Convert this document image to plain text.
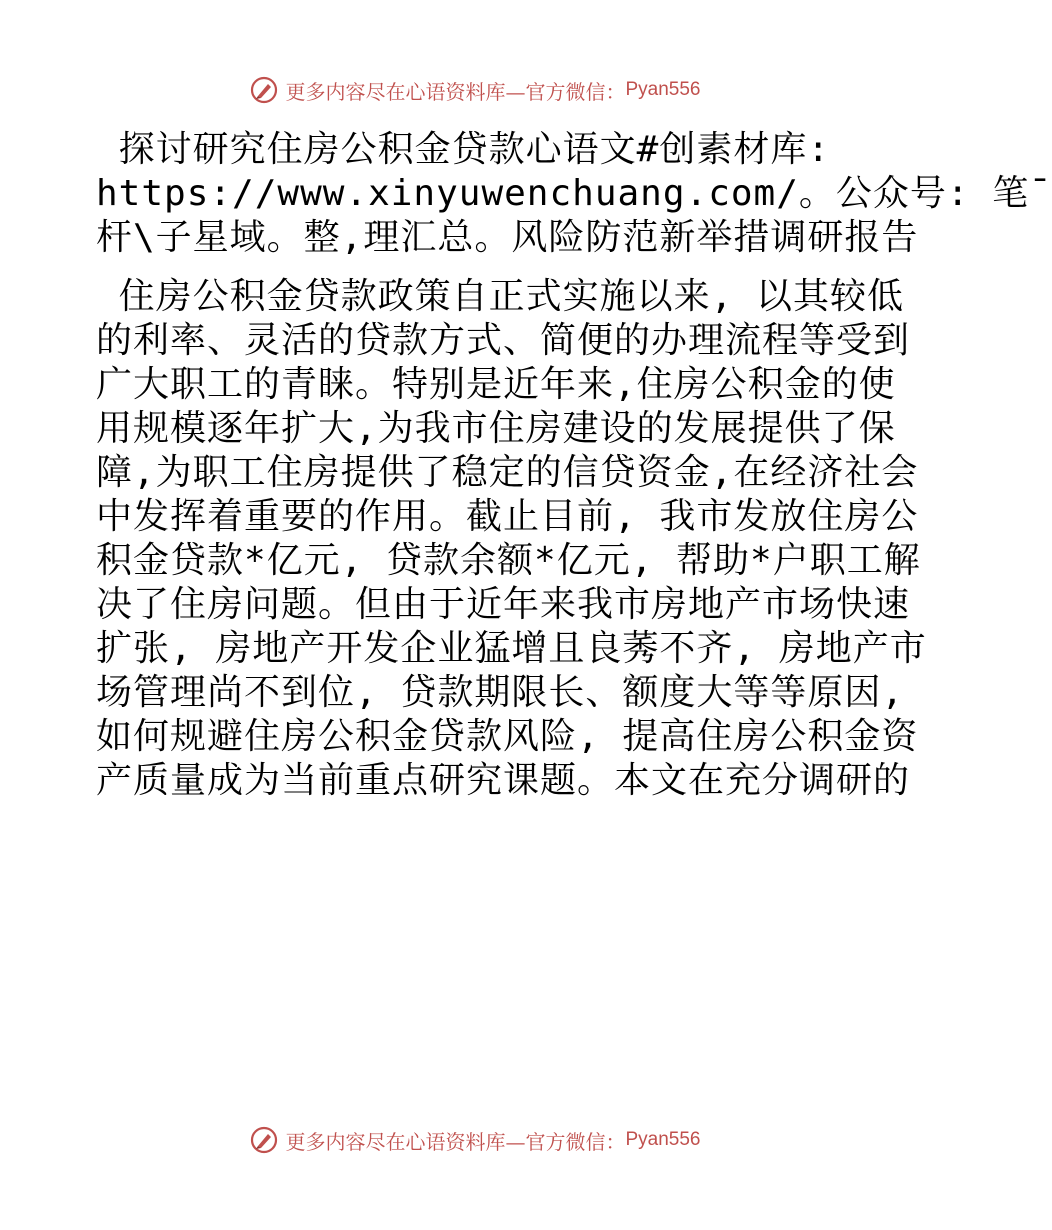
更多内容尽在心语资料库—官方微信： Pyan556
探讨研究住房公积金贷款心语文#创素材库:
https://www.xinyuwenchuang.com/。公众号: 笔¯
杆\子星域。整,理汇总。风险防范新举措调研报告
住房公积金贷款政策自正式实施以来, 以其较低
的利率、灵活的贷款方式、简便的办理流程等受到
广大职工的青睐。特别是近年来,住房公积金的使
用规模逐年扩大,为我市住房建设的发展提供了保
障,为职工住房提供了稳定的信贷资金,在经济社会
中发挥着重要的作用。截止目前, 我市发放住房公
积金贷款*亿元, 贷款余额*亿元, 帮助*户职工解
决了住房问题。但由于近年来我市房地产市场快速
扩张, 房地产开发企业猛增且良莠不齐, 房地产市
场管理尚不到位, 贷款期限长、额度大等等原因,
如何规避住房公积金贷款风险, 提高住房公积金资
产质量成为当前重点研究课题。本文在充分调研的
更多内容尽在心语资料库—官方微信： Pyan556
